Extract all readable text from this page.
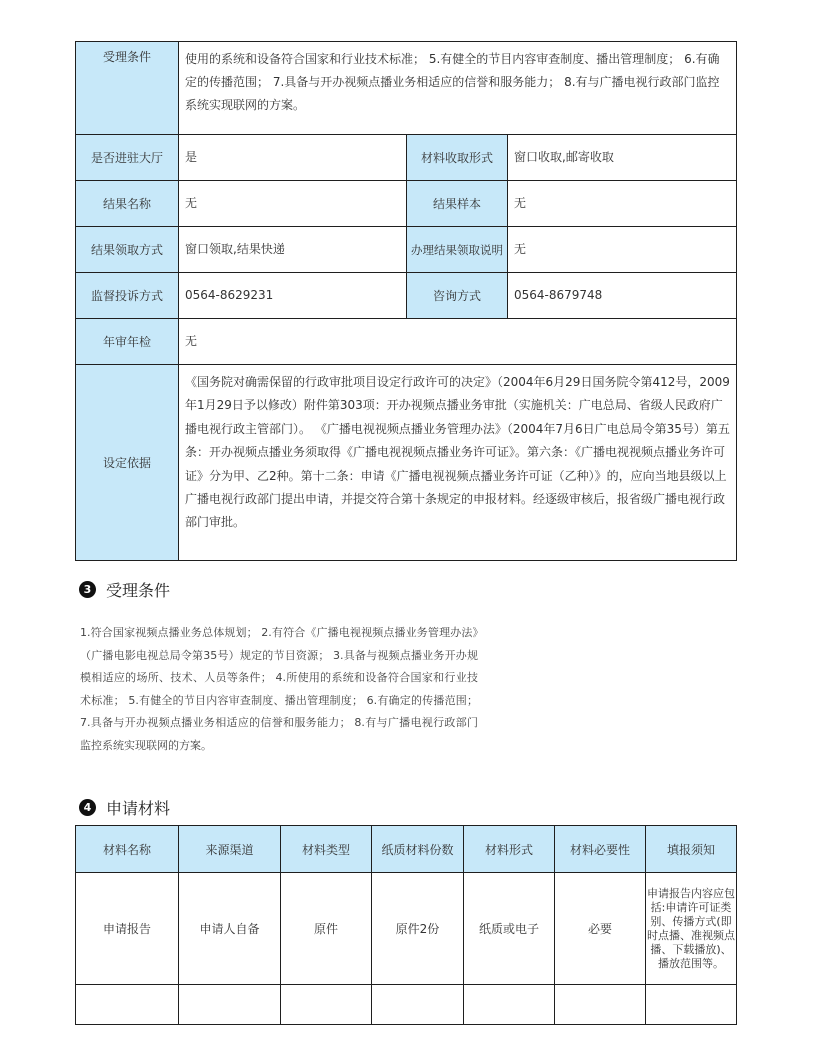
受理条件	使用的系统和设备符合国家和行业技术标准； 5.有健全的节目内容审查制度、播出管理制度； 6.有确定的传播范围； 7.具备与开办视频点播业务相适应的信誉和服务能力； 8.有与广播电视行政部门监控系统实现联网的方案。		
是否进驻大厅	是	材料收取形式	窗口收取,邮寄收取
结果名称	无	结果样本	无
结果领取方式	窗口领取,结果快递	办理结果领取说明	无
监督投诉方式	0564-8629231	咨询方式	0564-8679748
年审年检	无		
设定依据	《国务院对确需保留的行政审批项目设定行政许可的决定》（2004年6月29日国务院令第412号，2009年1月29日予以修改）附件第303项：开办视频点播业务审批（实施机关：广电总局、省级人民政府广播电视行政主管部门）。 《广播电视视频点播业务管理办法》（2004年7月6日广电总局令第35号）第五条：开办视频点播业务须取得《广播电视视频点播业务许可证》。第六条：《广播电视视频点播业务许可证》分为甲、乙2种。第十二条：申请《广播电视视频点播业务许可证（乙种）》的，应向当地县级以上广播电视行政部门提出申请，并提交符合第十条规定的申报材料。经逐级审核后，报省级广播电视行政部门审批。		
3 受理条件
1.符合国家视频点播业务总体规划； 2.有符合《广播电视视频点播业务管理办法》（广播电影电视总局令第35号）规定的节目资源； 3.具备与视频点播业务开办规模相适应的场所、技术、人员等条件； 4.所使用的系统和设备符合国家和行业技术标准； 5.有健全的节目内容审查制度、播出管理制度； 6.有确定的传播范围； 7.具备与开办视频点播业务相适应的信誉和服务能力； 8.有与广播电视行政部门监控系统实现联网的方案。
4 申请材料
材料名称	来源渠道	材料类型	纸质材料份数	材料形式	材料必要性	填报须知
申请报告	申请人自备	原件	原件2份	纸质或电子	必要	申请报告内容应包括:申请许可证类别、传播方式(即时点播、准视频点播、下载播放)、播放范围等。
